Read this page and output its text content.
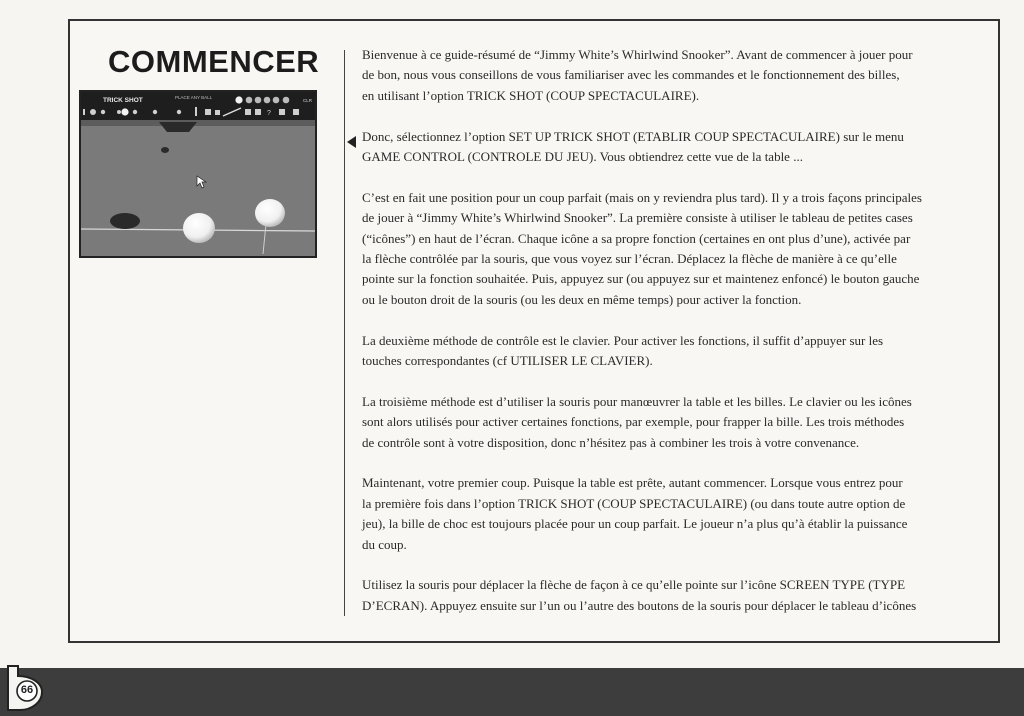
COMMENCER
TRICK SHOT	PLACE ANY BALL
CLR
?

Bienvenue à ce guide-résumé de “Jimmy White’s Whirlwind Snooker”. Avant de commencer à jouer pour
de bon, nous vous conseillons de vous familiariser avec les commandes et le fonctionnement des billes,
en utilisant l’option TRICK SHOT (COUP SPECTACULAIRE).

Donc, sélectionnez l’option SET UP TRICK SHOT (ETABLIR COUP SPECTACULAIRE) sur le menu
GAME CONTROL (CONTROLE DU JEU). Vous obtiendrez cette vue de la table ...

C’est en fait une position pour un coup parfait (mais on y reviendra plus tard). Il y a trois façons principales
de jouer à “Jimmy White’s Whirlwind Snooker”. La première consiste à utiliser le tableau de petites cases
(“icônes”) en haut de l’écran. Chaque icône a sa propre fonction (certaines en ont plus d’une), activée par
la flèche contrôlée par la souris, que vous voyez sur l’écran. Déplacez la flèche de manière à ce qu’elle
pointe sur la fonction souhaitée. Puis, appuyez sur (ou appuyez sur et maintenez enfoncé) le bouton gauche
ou le bouton droit de la souris (ou les deux en même temps) pour activer la fonction.

La deuxième méthode de contrôle est le clavier. Pour activer les fonctions, il suffit d’appuyer sur les
touches correspondantes (cf UTILISER LE CLAVIER).

La troisième méthode est d’utiliser la souris pour manœuvrer la table et les billes. Le clavier ou les icônes
sont alors utilisés pour activer certaines fonctions, par exemple, pour frapper la bille. Les trois méthodes
de contrôle sont à votre disposition, donc n’hésitez pas à combiner les trois à votre convenance.

Maintenant, votre premier coup. Puisque la table est prête, autant commencer. Lorsque vous entrez pour
la première fois dans l’option TRICK SHOT (COUP SPECTACULAIRE) (ou dans toute autre option de
jeu), la bille de choc est toujours placée pour un coup parfait. Le joueur n’a plus qu’à établir la puissance
du coup.

Utilisez la souris pour déplacer la flèche de façon à ce qu’elle pointe sur l’icône SCREEN TYPE (TYPE
D’ECRAN). Appuyez ensuite sur l’un ou l’autre des boutons de la souris pour déplacer le tableau d’icônes

66
